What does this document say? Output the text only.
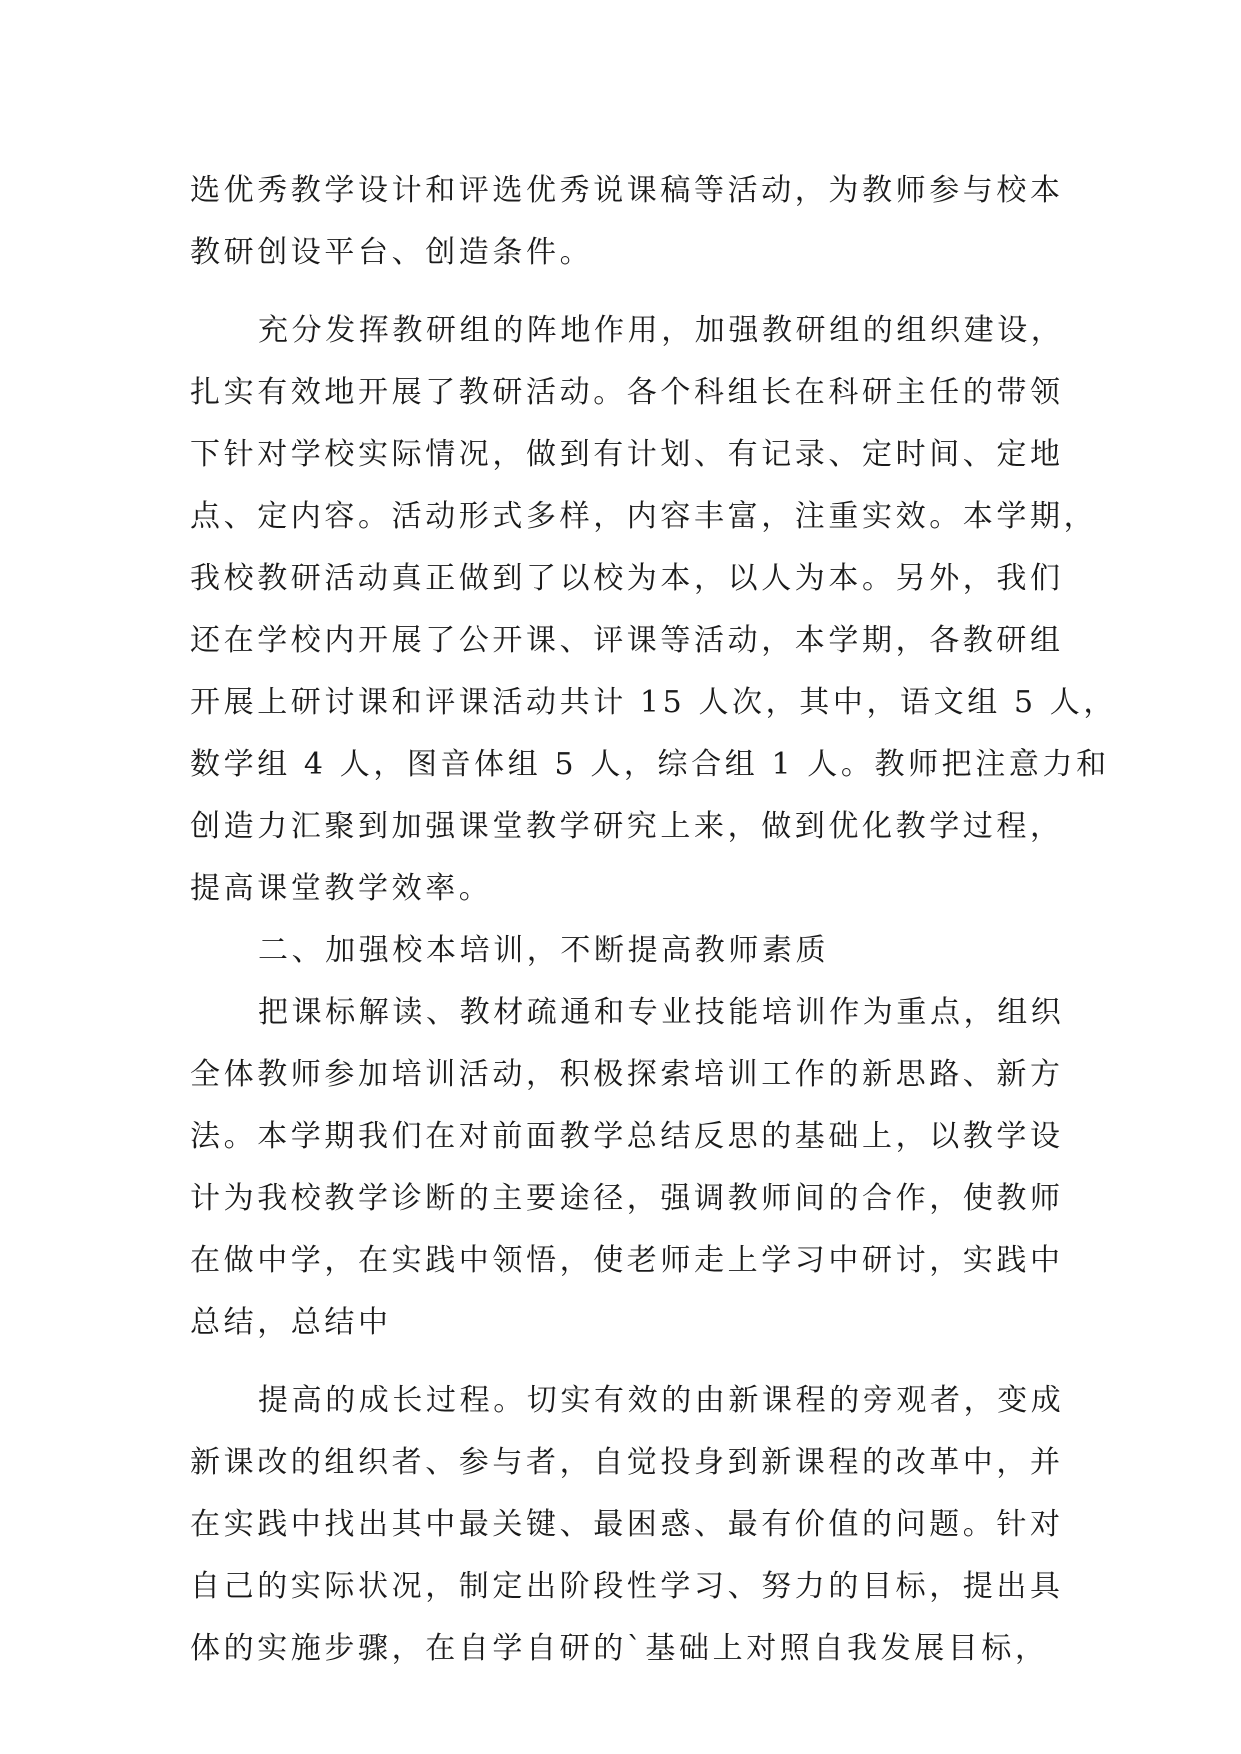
选优秀教学设计和评选优秀说课稿等活动，为教师参与校本
教研创设平台、创造条件。
充分发挥教研组的阵地作用，加强教研组的组织建设，
扎实有效地开展了教研活动。各个科组长在科研主任的带领
下针对学校实际情况，做到有计划、有记录、定时间、定地
点、定内容。活动形式多样，内容丰富，注重实效。本学期，
我校教研活动真正做到了以校为本，以人为本。另外，我们
还在学校内开展了公开课、评课等活动，本学期，各教研组
开展上研讨课和评课活动共计 15 人次，其中，语文组 5 人，
数学组 4 人，图音体组 5 人，综合组 1 人。教师把注意力和
创造力汇聚到加强课堂教学研究上来，做到优化教学过程，
提高课堂教学效率。
二、加强校本培训，不断提高教师素质
把课标解读、教材疏通和专业技能培训作为重点，组织
全体教师参加培训活动，积极探索培训工作的新思路、新方
法。本学期我们在对前面教学总结反思的基础上，以教学设
计为我校教学诊断的主要途径，强调教师间的合作，使教师
在做中学，在实践中领悟，使老师走上学习中研讨，实践中
总结，总结中
提高的成长过程。切实有效的由新课程的旁观者，变成
新课改的组织者、参与者，自觉投身到新课程的改革中，并
在实践中找出其中最关键、最困惑、最有价值的问题。针对
自己的实际状况，制定出阶段性学习、努力的目标，提出具
体的实施步骤，在自学自研的`基础上对照自我发展目标，
